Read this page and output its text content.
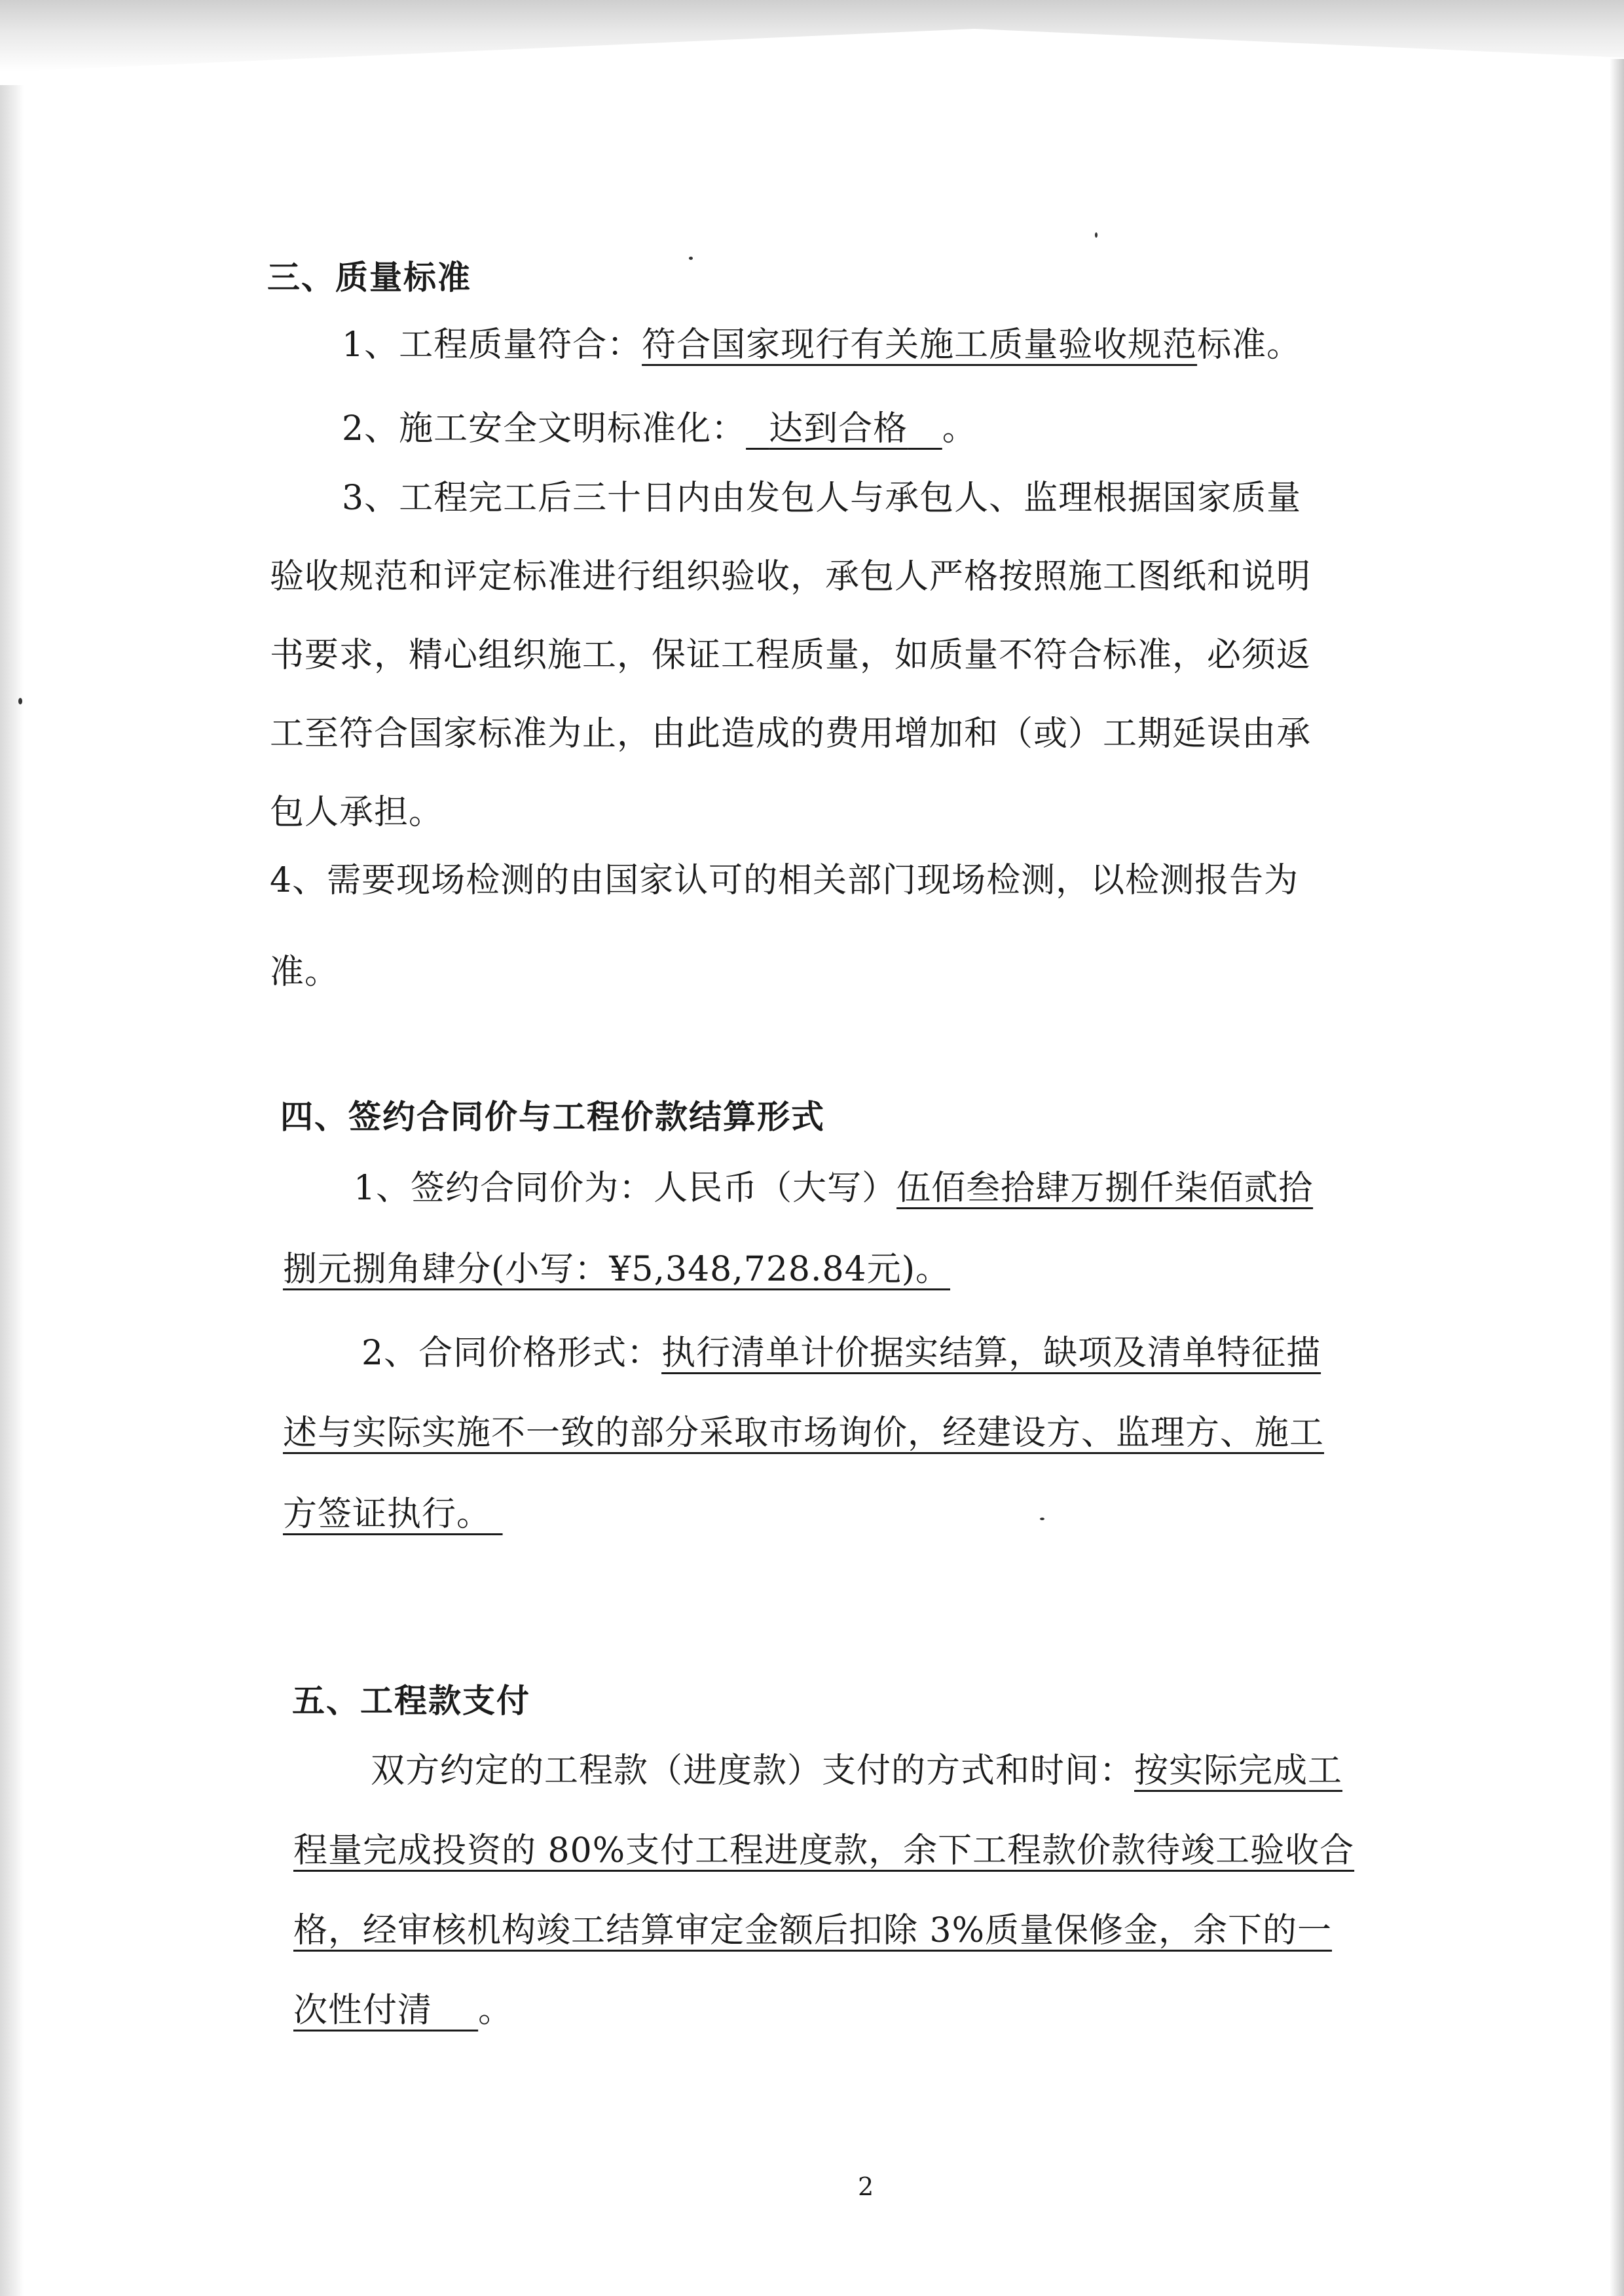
三、质量标准
1、工程质量符合：符合国家现行有关施工质量验收规范标准。
2、施工安全文明标准化： 达到合格 。
3、工程完工后三十日内由发包人与承包人、监理根据国家质量
验收规范和评定标准进行组织验收，承包人严格按照施工图纸和说明
书要求，精心组织施工，保证工程质量，如质量不符合标准，必须返
工至符合国家标准为止，由此造成的费用增加和（或）工期延误由承
包人承担。
4、需要现场检测的由国家认可的相关部门现场检测，以检测报告为
准。
四、签约合同价与工程价款结算形式
1、签约合同价为：人民币（大写）伍佰叁拾肆万捌仟柒佰贰拾
捌元捌角肆分(小写：¥5,348,728.84元)。
2、合同价格形式：执行清单计价据实结算，缺项及清单特征描
述与实际实施不一致的部分采取市场询价，经建设方、监理方、施工
方签证执行。
五、工程款支付
双方约定的工程款（进度款）支付的方式和时间：按实际完成工
程量完成投资的 80%支付工程进度款，余下工程款价款待竣工验收合
格，经审核机构竣工结算审定金额后扣除 3%质量保修金，余下的一
次性付清 。
2
